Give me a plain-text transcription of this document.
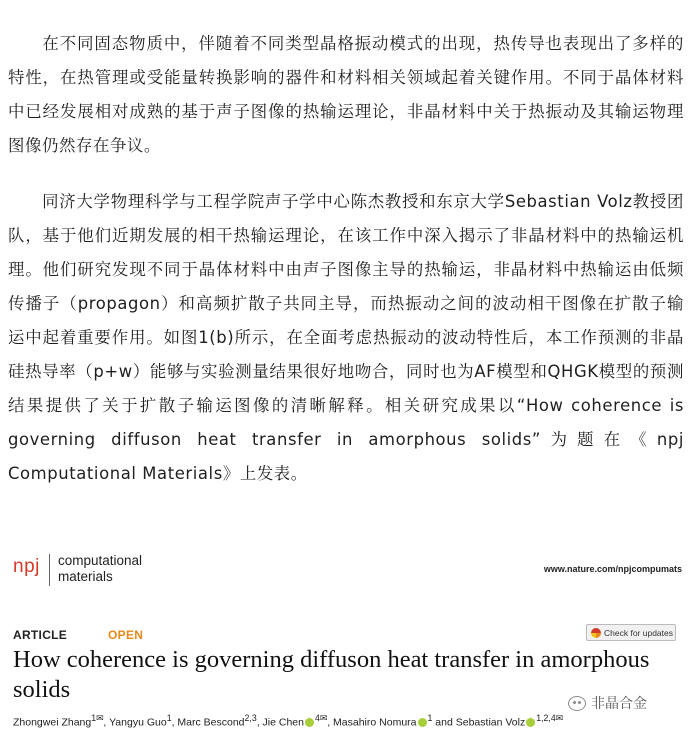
在不同固态物质中，伴随着不同类型晶格振动模式的出现，热传导也表现出了多样的特性，在热管理或受能量转换影响的器件和材料相关领域起着关键作用。不同于晶体材料中已经发展相对成熟的基于声子图像的热输运理论，非晶材料中关于热振动及其输运物理图像仍然存在争议。

同济大学物理科学与工程学院声子学中心陈杰教授和东京大学Sebastian Volz教授团队，基于他们近期发展的相干热输运理论，在该工作中深入揭示了非晶材料中的热输运机理。他们研究发现不同于晶体材料中由声子图像主导的热输运，非晶材料中热输运由低频传播子（propagon）和高频扩散子共同主导，而热振动之间的波动相干图像在扩散子输运中起着重要作用。如图1(b)所示，在全面考虑热振动的波动特性后，本工作预测的非晶硅热导率（p+w）能够与实验测量结果很好地吻合，同时也为AF模型和QHGK模型的预测结果提供了关于扩散子输运图像的清晰解释。相关研究成果以“How coherence is governing diffuson heat transfer in amorphous solids”为题在《npj Computational Materials》上发表。

npj computational
materials	www.nature.com/npjcompumats
ARTICLE	OPEN	Check for updates
How coherence is governing diffuson heat transfer in amorphous solids
Zhongwei Zhang$^{1✉}$, Yangyu Guo$^1$, Marc Bescond$^{2,3}$, Jie Chen $^{4✉}$, Masahiro Nomura $^1$ and Sebastian Volz $^{1,2,4✉}$
非晶合金
